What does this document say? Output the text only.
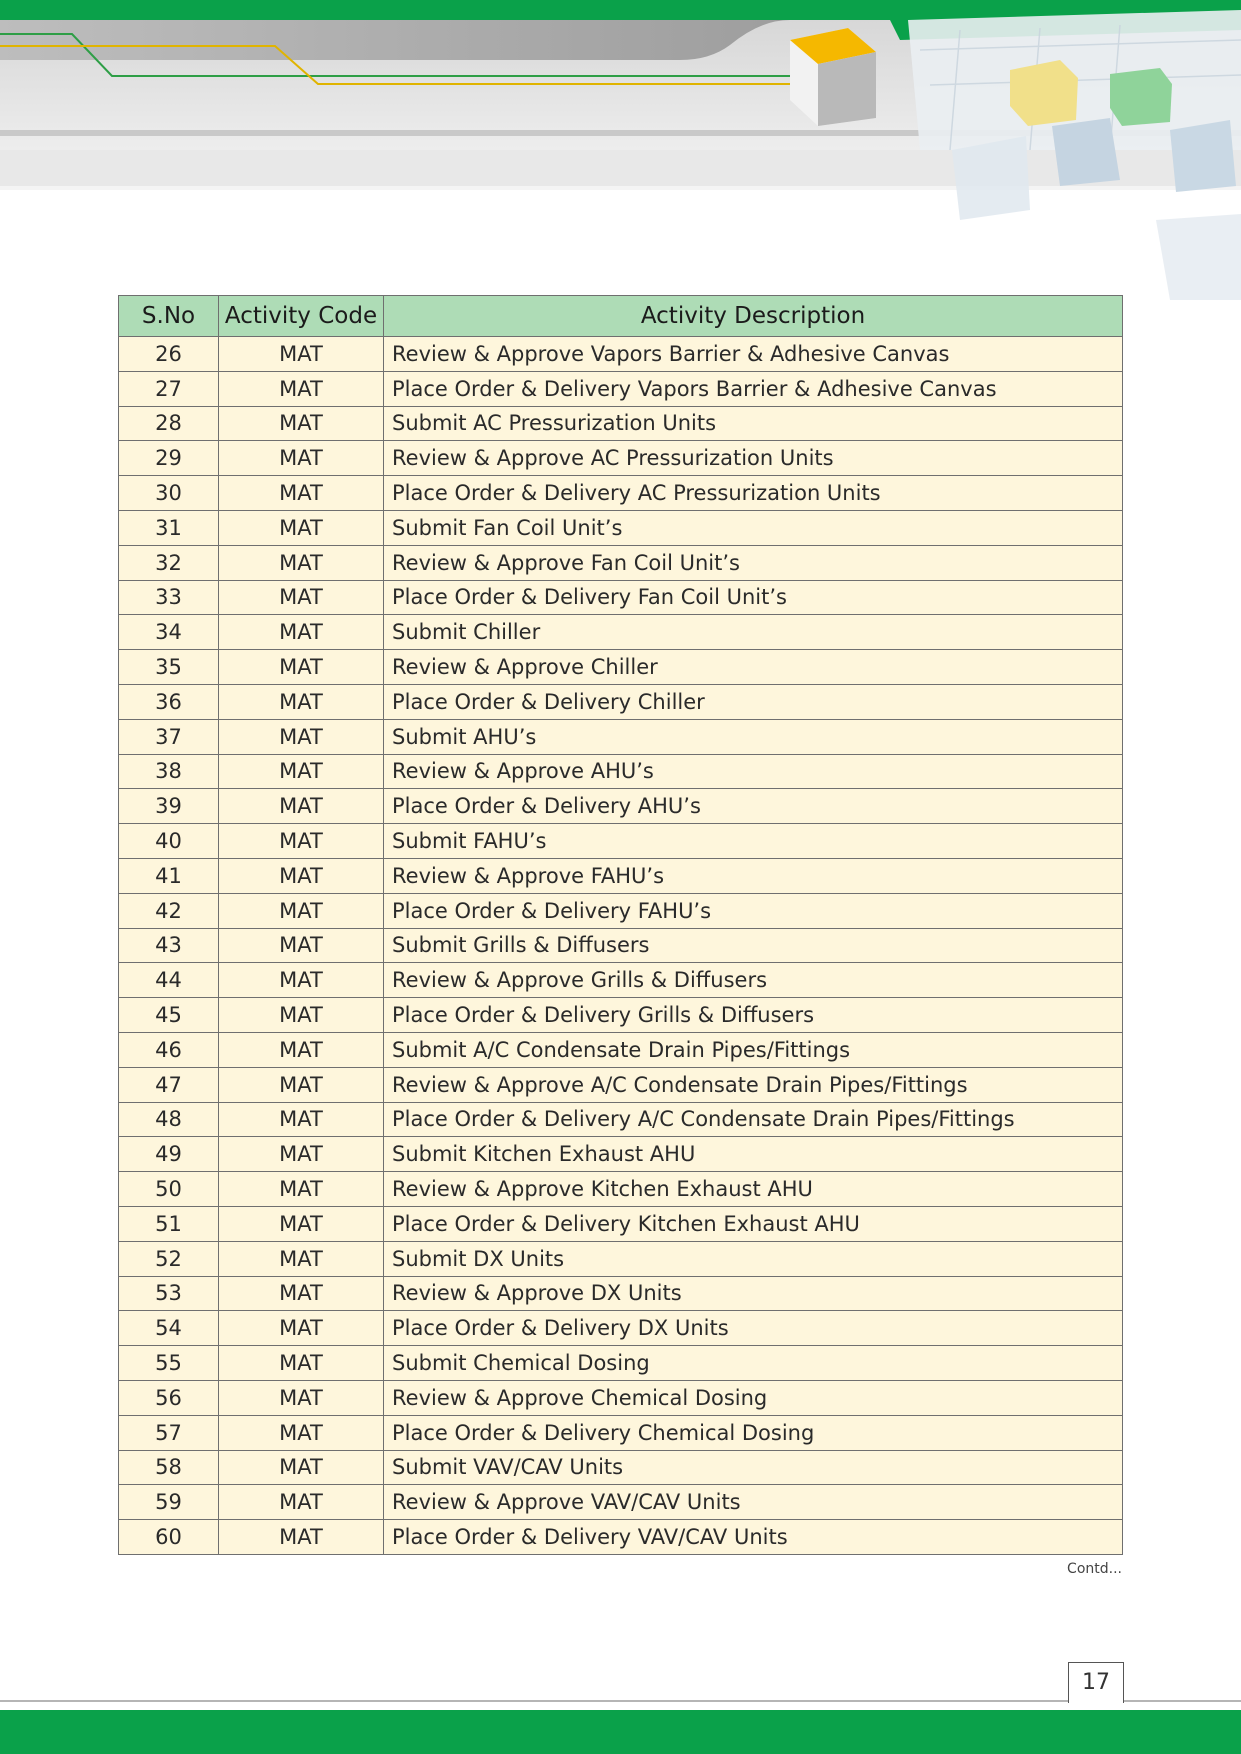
S.No	Activity Code	Activity Description
26	MAT	Review & Approve Vapors Barrier & Adhesive Canvas
27	MAT	Place Order & Delivery Vapors Barrier & Adhesive Canvas
28	MAT	Submit AC Pressurization Units
29	MAT	Review & Approve AC Pressurization Units
30	MAT	Place Order & Delivery AC Pressurization Units
31	MAT	Submit Fan Coil Unit’s
32	MAT	Review & Approve Fan Coil Unit’s
33	MAT	Place Order & Delivery Fan Coil Unit’s
34	MAT	Submit Chiller
35	MAT	Review & Approve Chiller
36	MAT	Place Order & Delivery Chiller
37	MAT	Submit AHU’s
38	MAT	Review & Approve AHU’s
39	MAT	Place Order & Delivery AHU’s
40	MAT	Submit FAHU’s
41	MAT	Review & Approve FAHU’s
42	MAT	Place Order & Delivery FAHU’s
43	MAT	Submit Grills & Diffusers
44	MAT	Review & Approve Grills & Diffusers
45	MAT	Place Order & Delivery Grills & Diffusers
46	MAT	Submit A/C Condensate Drain Pipes/Fittings
47	MAT	Review & Approve A/C Condensate Drain Pipes/Fittings
48	MAT	Place Order & Delivery A/C Condensate Drain Pipes/Fittings
49	MAT	Submit Kitchen Exhaust AHU
50	MAT	Review & Approve Kitchen Exhaust AHU
51	MAT	Place Order & Delivery Kitchen Exhaust AHU
52	MAT	Submit DX Units
53	MAT	Review & Approve DX Units
54	MAT	Place Order & Delivery DX Units
55	MAT	Submit Chemical Dosing
56	MAT	Review & Approve Chemical Dosing
57	MAT	Place Order & Delivery Chemical Dosing
58	MAT	Submit VAV/CAV Units
59	MAT	Review & Approve VAV/CAV Units
60	MAT	Place Order & Delivery VAV/CAV Units
Contd...
17
